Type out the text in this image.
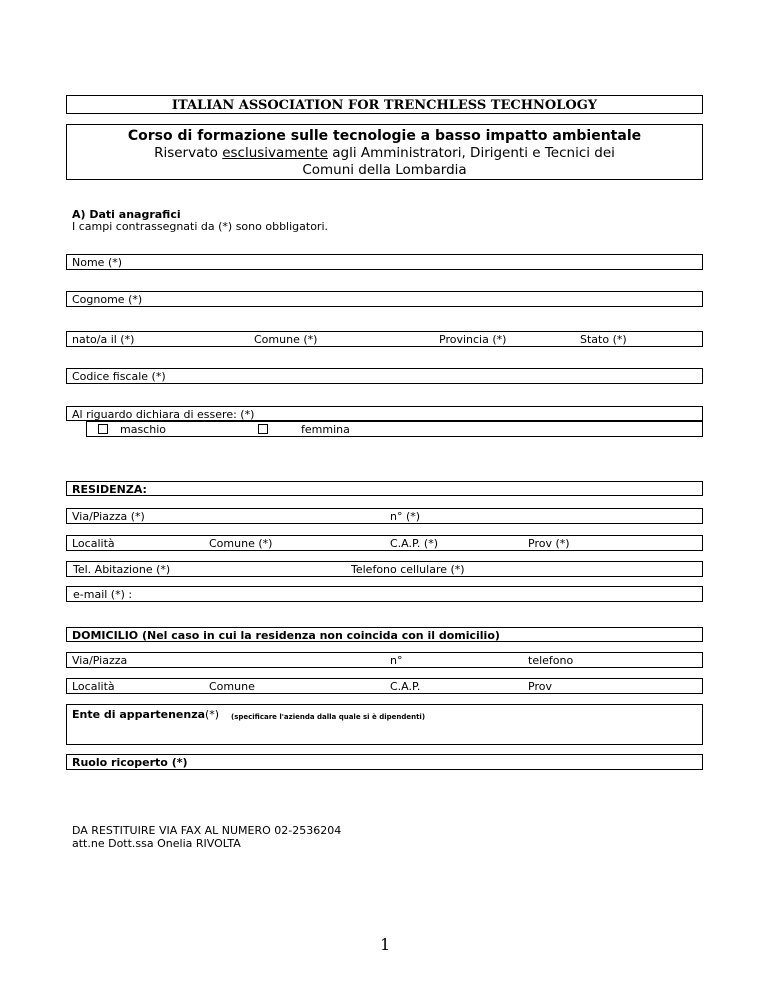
ITALIAN ASSOCIATION FOR TRENCHLESS TECHNOLOGY
Corso di formazione sulle tecnologie a basso impatto ambientale
Riservato esclusivamente agli Amministratori, Dirigenti e Tecnici dei
Comuni della Lombardia
A) Dati anagrafici
I campi contrassegnati da (*) sono obbligatori.
Nome (*)
Cognome (*)
nato/a il (*)	Comune (*)	Provincia (*)	Stato (*)
Codice fiscale (*)
Al riguardo dichiara di essere: (*)
maschio	femmina
RESIDENZA:
Via/Piazza (*)	n° (*)
Località	Comune (*)	C.A.P. (*)	Prov (*)
Tel. Abitazione (*)	Telefono cellulare (*)
e-mail (*) :
DOMICILIO (Nel caso in cui la residenza non coincida con il domicilio)
Via/Piazza	n°	telefono
Località	Comune	C.A.P.	Prov
Ente di appartenenza (*) (specificare l'azienda dalla quale si è dipendenti)
Ruolo ricoperto (*)
DA RESTITUIRE VIA FAX AL NUMERO 02-2536204
att.ne Dott.ssa Onelia RIVOLTA
1
